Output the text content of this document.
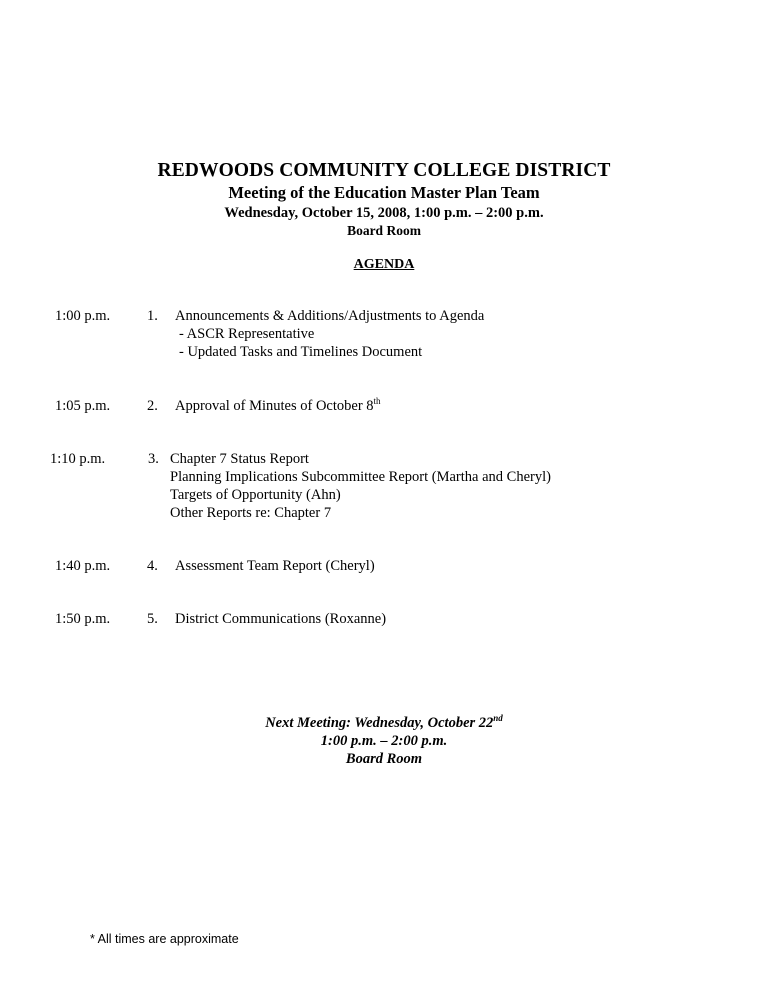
REDWOODS COMMUNITY COLLEGE DISTRICT
Meeting of the Education Master Plan Team
Wednesday, October 15, 2008, 1:00 p.m. – 2:00 p.m.
Board Room
AGENDA
1:00 p.m.	1. Announcements & Additions/Adjustments to Agenda
- ASCR Representative
- Updated Tasks and Timelines Document
1:05 p.m.	2. Approval of Minutes of October 8th
1:10 p.m.	3. Chapter 7 Status Report
Planning Implications Subcommittee Report (Martha and Cheryl)
Targets of Opportunity (Ahn)
Other Reports re: Chapter 7
1:40 p.m.	4. Assessment Team Report (Cheryl)
1:50 p.m.	5. District Communications (Roxanne)
Next Meeting: Wednesday, October 22nd
1:00 p.m. – 2:00 p.m.
Board Room
* All times are approximate
